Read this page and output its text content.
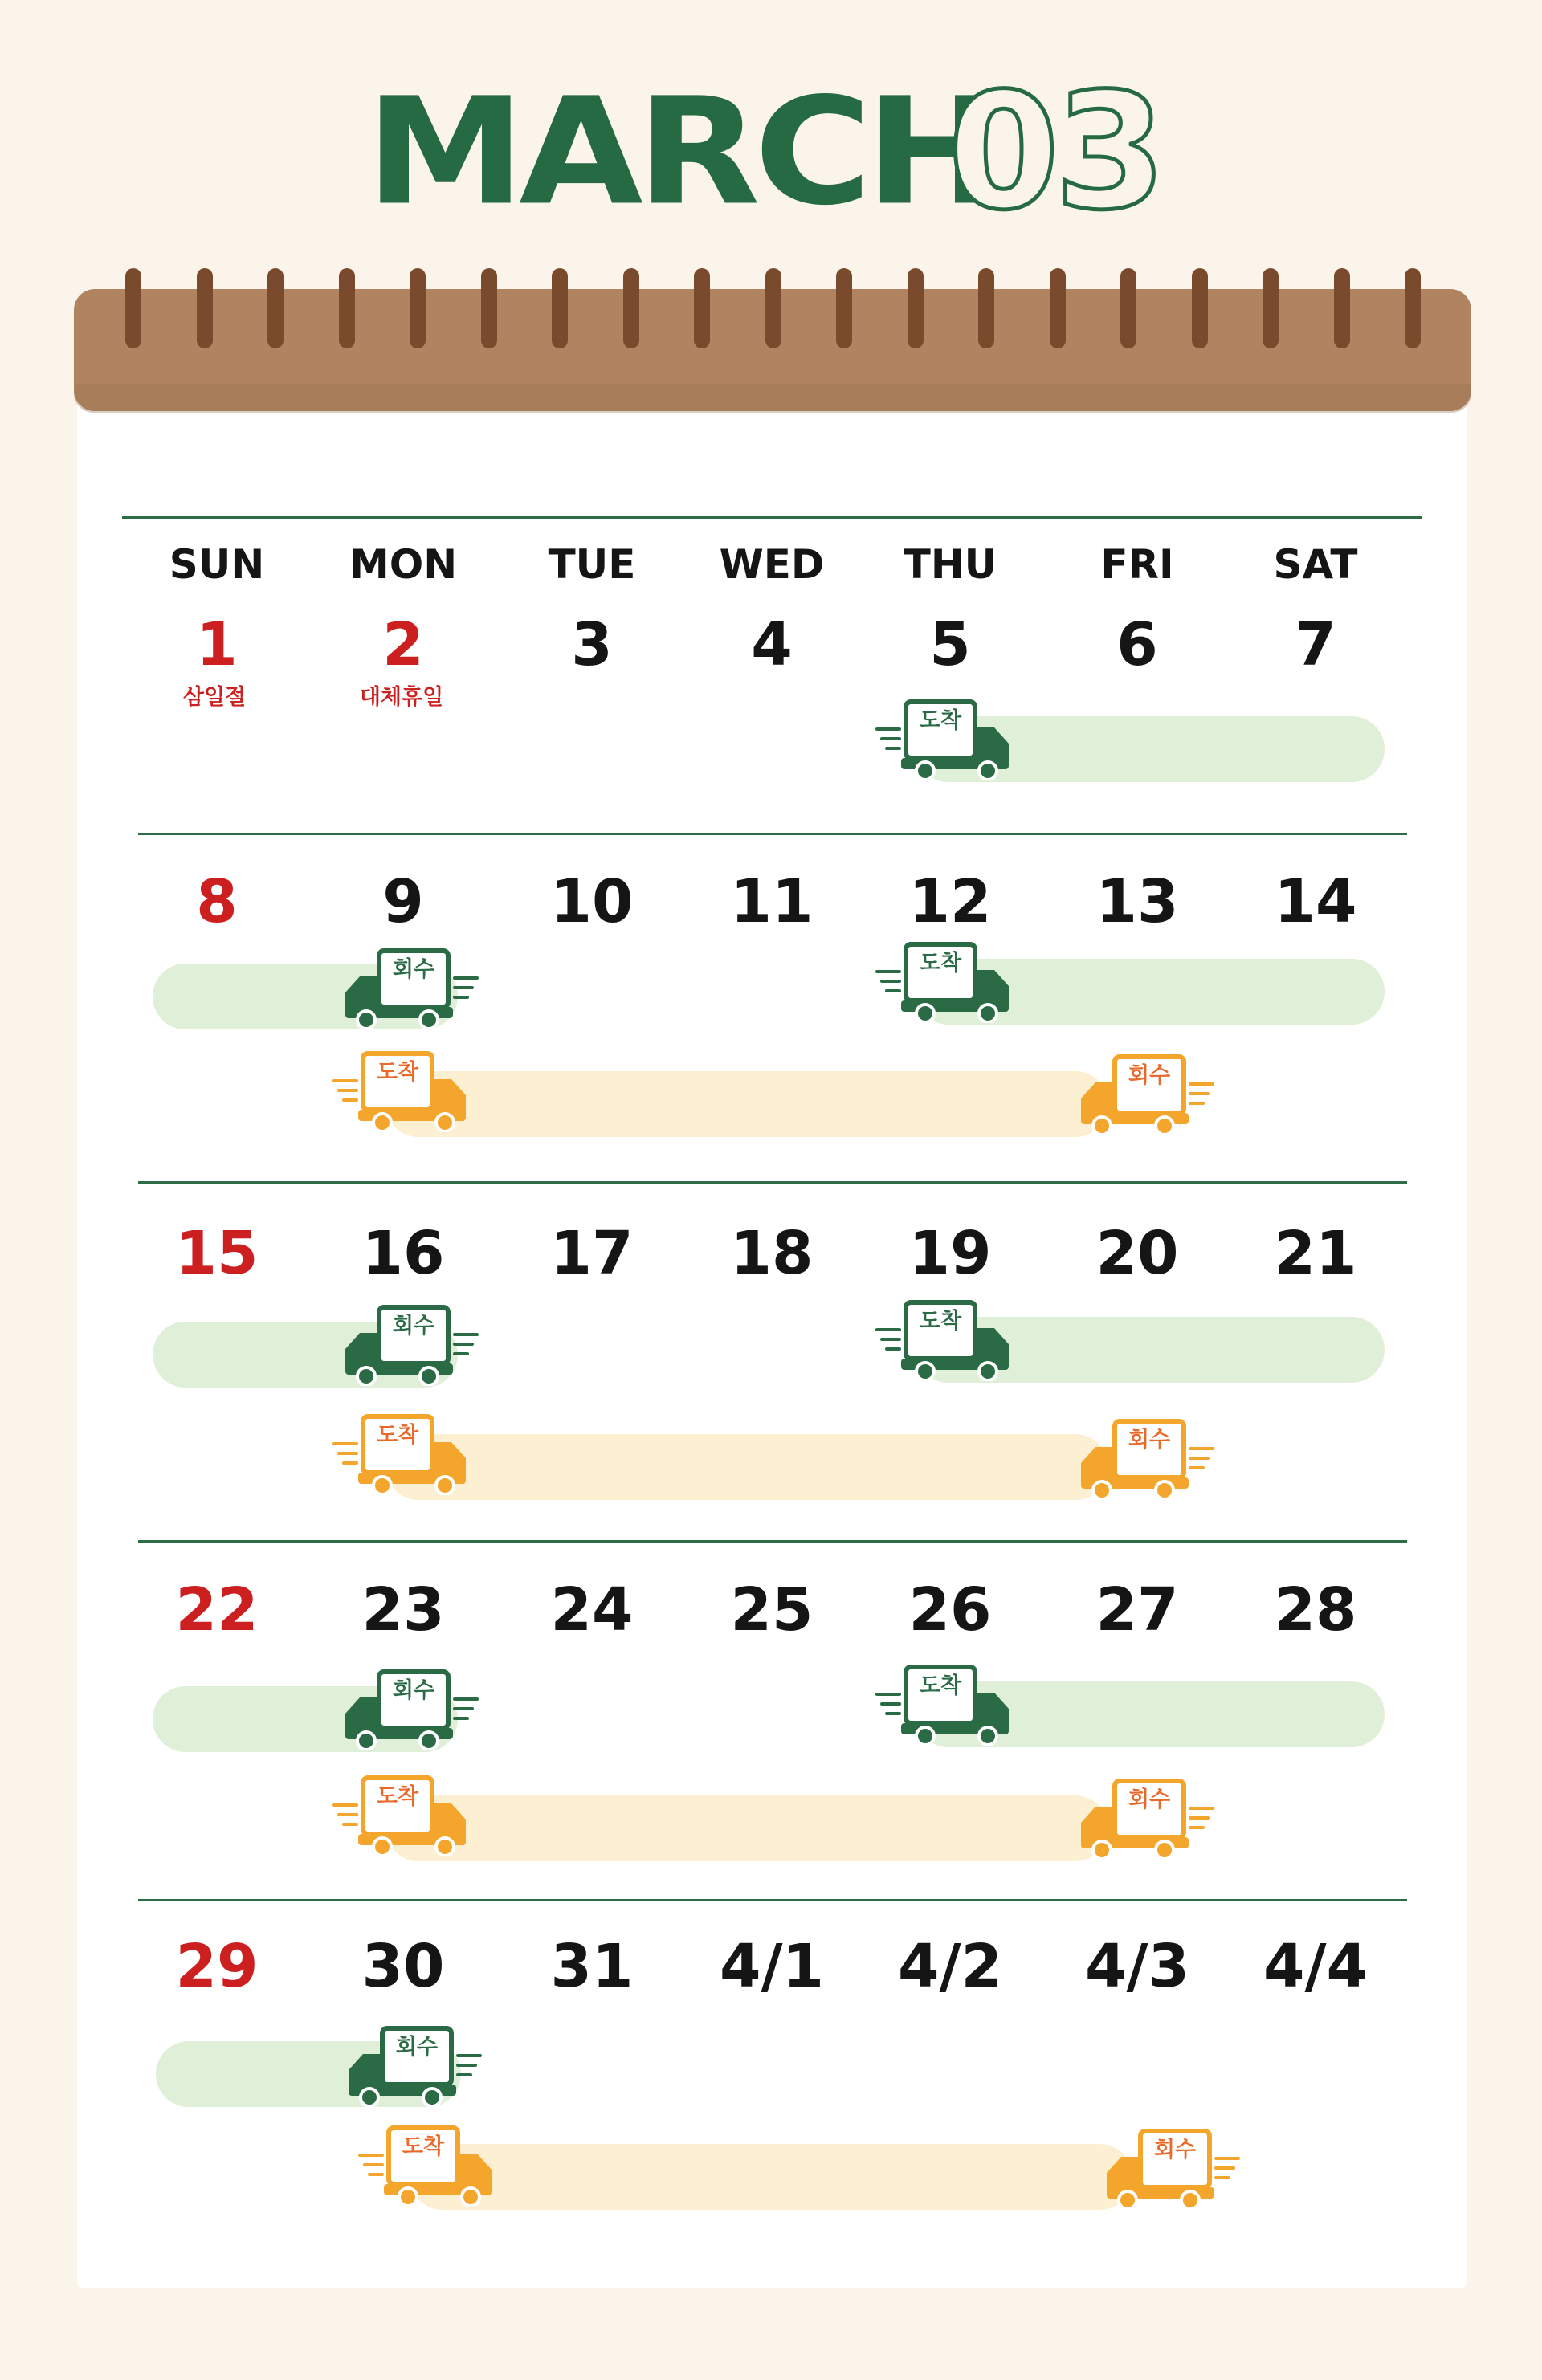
MARCH
03
SUN	MON	TUE	WED	THU	FRI	SAT
1	2	3	4	5	6	7
8	9	10	11	12	13	14
15	16	17	18	19	20	21
22	23	24	25	26	27	28
29	30	31	4/1	4/2	4/3	4/4
삼일절	대체휴일
도착
회수	도착
도착	회수
회수	도착
도착	회수
회수	도착
도착	회수
회수
도착	회수
